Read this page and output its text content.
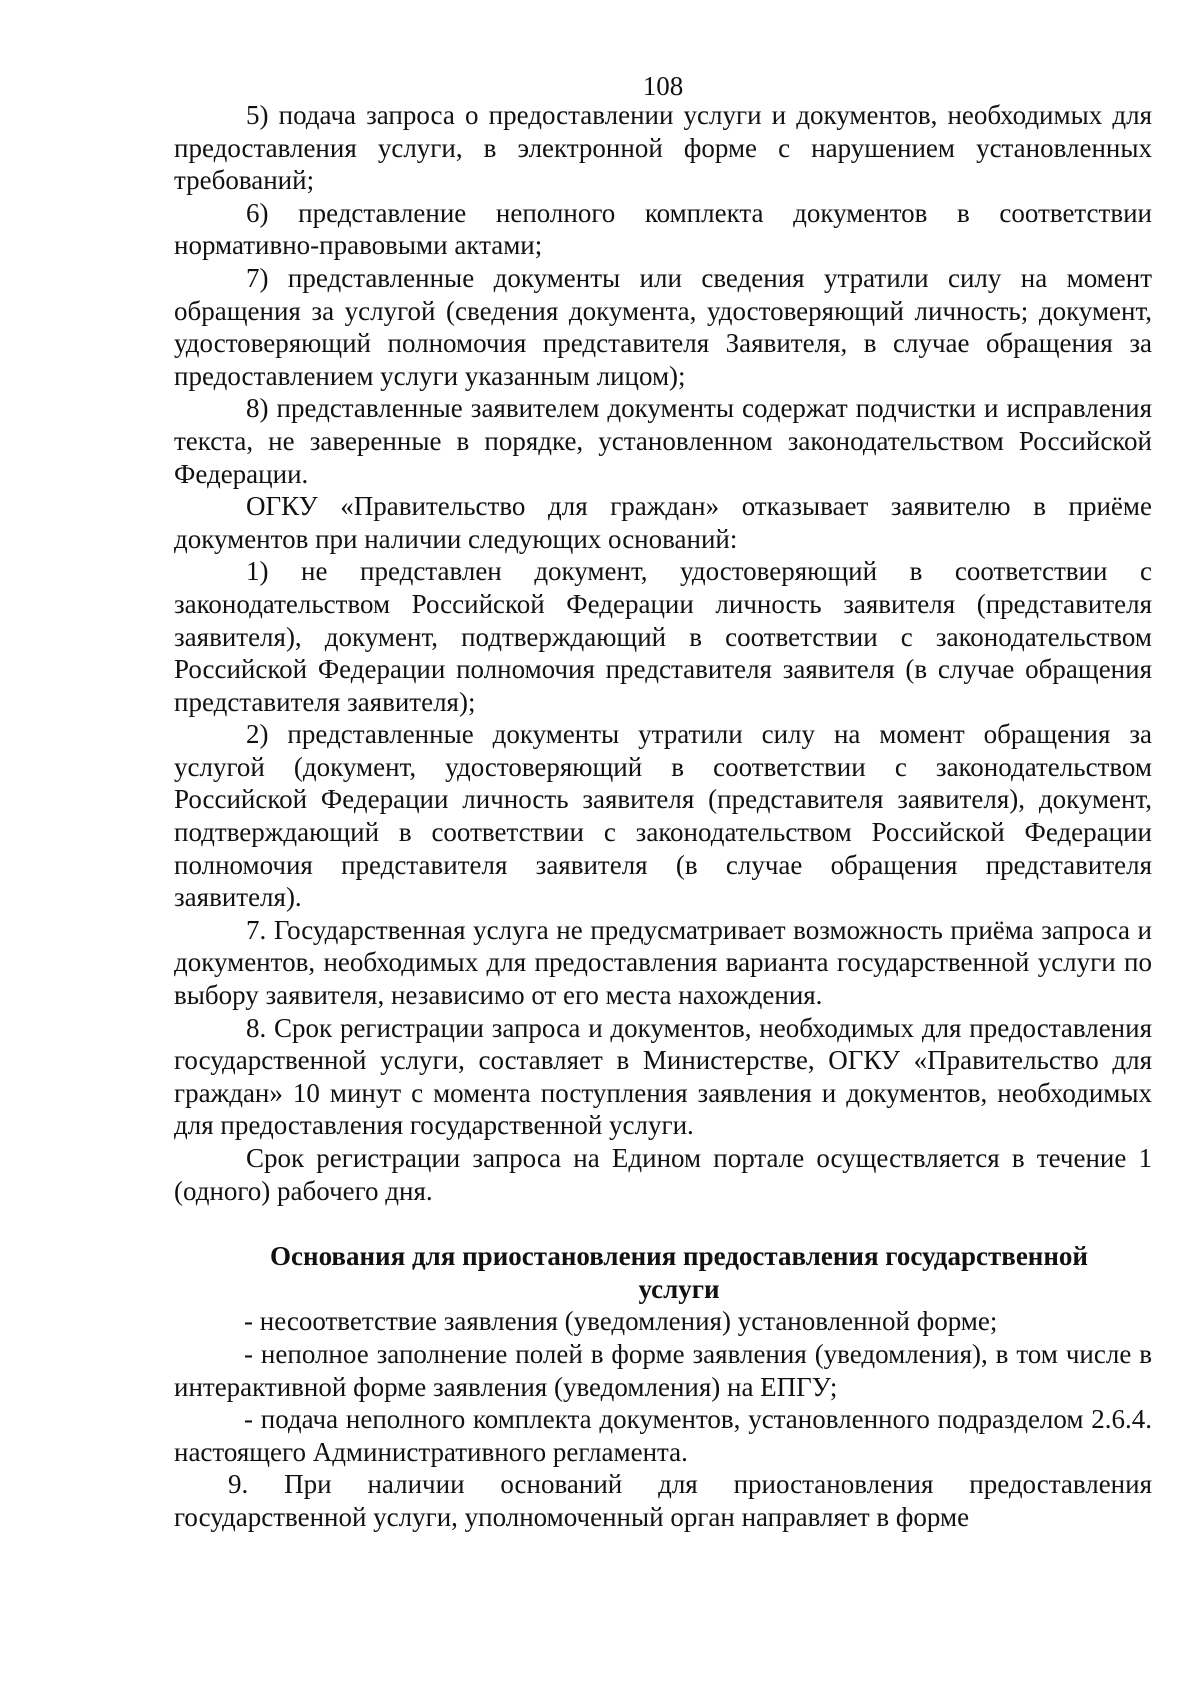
108

5) подача запроса о предоставлении услуги и документов, необходимых для предоставления услуги, в электронной форме с нарушением установленных требований;

6) представление неполного комплекта документов в соответствии нормативно-правовыми актами;

7) представленные документы или сведения утратили силу на момент обращения за услугой (сведения документа, удостоверяющий личность; документ, удостоверяющий полномочия представителя Заявителя, в случае обращения за предоставлением услуги указанным лицом);

8) представленные заявителем документы содержат подчистки и исправления текста, не заверенные в порядке, установленном законодательством Российской Федерации.

ОГКУ «Правительство для граждан» отказывает заявителю в приёме документов при наличии следующих оснований:

1) не представлен документ, удостоверяющий в соответствии с законодательством Российской Федерации личность заявителя (представителя заявителя), документ, подтверждающий в соответствии с законодательством Российской Федерации полномочия представителя заявителя (в случае обращения представителя заявителя);

2) представленные документы утратили силу на момент обращения за услугой (документ, удостоверяющий в соответствии с законодательством Российской Федерации личность заявителя (представителя заявителя), документ, подтверждающий в соответствии с законодательством Российской Федерации полномочия представителя заявителя (в случае обращения представителя заявителя).

7. Государственная услуга не предусматривает возможность приёма запроса и документов, необходимых для предоставления варианта государственной услуги по выбору заявителя, независимо от его места нахождения.

8. Срок регистрации запроса и документов, необходимых для предоставления государственной услуги, составляет в Министерстве, ОГКУ «Правительство для граждан» 10 минут с момента поступления заявления и документов, необходимых для предоставления государственной услуги.

Срок регистрации запроса на Едином портале осуществляется в течение 1 (одного) рабочего дня.

Основания для приостановления предоставления государственной услуги

- несоответствие заявления (уведомления) установленной форме;

- неполное заполнение полей в форме заявления (уведомления), в том числе в интерактивной форме заявления (уведомления) на ЕПГУ;

- подача неполного комплекта документов, установленного подразделом 2.6.4. настоящего Административного регламента.

9. При наличии оснований для приостановления предоставления государственной услуги, уполномоченный орган направляет в форме
